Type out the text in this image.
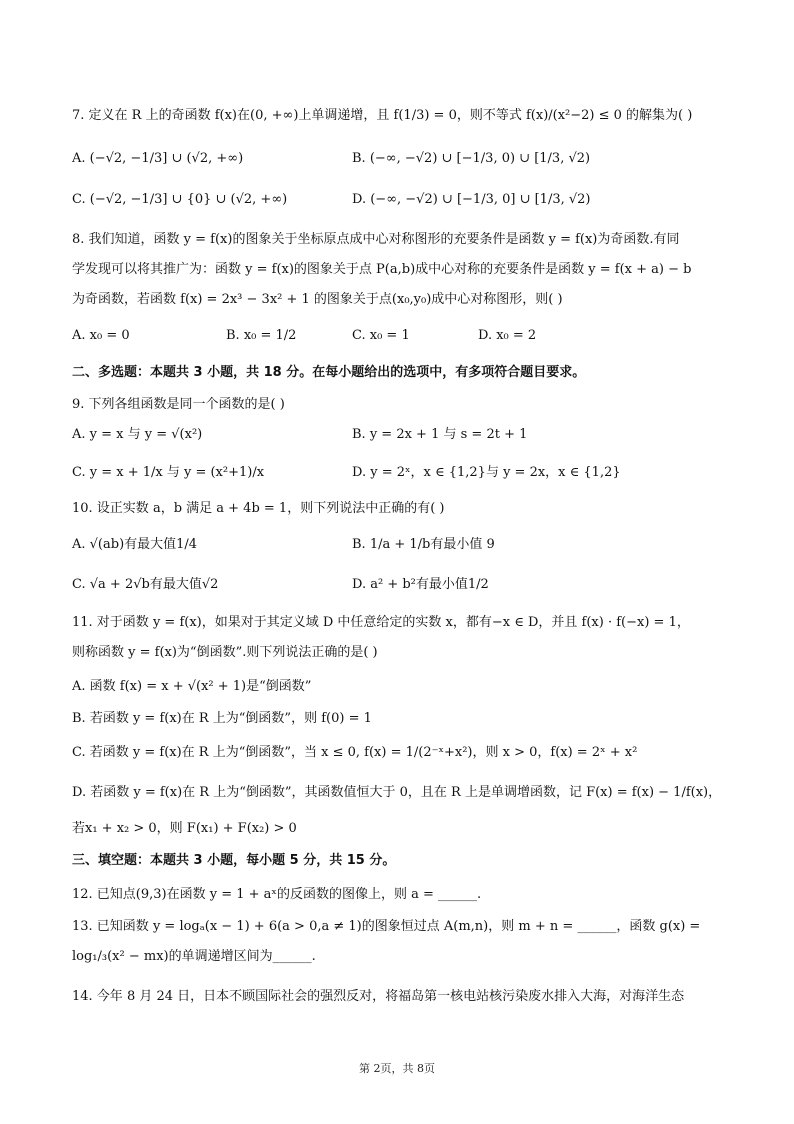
7. 定义在 R 上的奇函数 f(x)在(0, +∞)上单调递增，且 f(1/3) = 0，则不等式 f(x)/(x²−2) ≤ 0 的解集为( )
A. (−√2, −1/3] ∪ (√2, +∞)	B. (−∞, −√2) ∪ [−1/3, 0) ∪ [1/3, √2)
C. (−√2, −1/3] ∪ {0} ∪ (√2, +∞)	D. (−∞, −√2) ∪ [−1/3, 0] ∪ [1/3, √2)
8. 我们知道，函数 y = f(x)的图象关于坐标原点成中心对称图形的充要条件是函数 y = f(x)为奇函数.有同
学发现可以将其推广为：函数 y = f(x)的图象关于点 P(a,b)成中心对称的充要条件是函数 y = f(x + a) − b
为奇函数，若函数 f(x) = 2x³ − 3x² + 1 的图象关于点(x₀,y₀)成中心对称图形，则( )
A. x₀ = 0	B. x₀ = 1/2	C. x₀ = 1	D. x₀ = 2
二、多选题：本题共 3 小题，共 18 分。在每小题给出的选项中，有多项符合题目要求。
9. 下列各组函数是同一个函数的是( )
A. y = x 与 y = √(x²)	B. y = 2x + 1 与 s = 2t + 1
C. y = x + 1/x 与 y = (x²+1)/x	D. y = 2ˣ，x ∈ {1,2}与 y = 2x，x ∈ {1,2}
10. 设正实数 a，b 满足 a + 4b = 1，则下列说法中正确的有( )
A. √(ab)有最大值1/4	B. 1/a + 1/b有最小值 9
C. √a + 2√b有最大值√2	D. a² + b²有最小值1/2
11. 对于函数 y = f(x)，如果对于其定义域 D 中任意给定的实数 x，都有−x ∈ D，并且 f(x) · f(−x) = 1，
则称函数 y = f(x)为“倒函数”.则下列说法正确的是( )
A. 函数 f(x) = x + √(x² + 1)是“倒函数”
B. 若函数 y = f(x)在 R 上为“倒函数”，则 f(0) = 1
C. 若函数 y = f(x)在 R 上为“倒函数”，当 x ≤ 0, f(x) = 1/(2⁻ˣ+x²)，则 x > 0，f(x) = 2ˣ + x²
D. 若函数 y = f(x)在 R 上为“倒函数”，其函数值恒大于 0，且在 R 上是单调增函数，记 F(x) = f(x) − 1/f(x)，
若x₁ + x₂ > 0，则 F(x₁) + F(x₂) > 0
三、填空题：本题共 3 小题，每小题 5 分，共 15 分。
12. 已知点(9,3)在函数 y = 1 + aˣ的反函数的图像上，则 a = ______.
13. 已知函数 y = logₐ(x − 1) + 6(a > 0,a ≠ 1)的图象恒过点 A(m,n)，则 m + n = ______，函数 g(x) =
log₁/₃(x² − mx)的单调递增区间为______.
14. 今年 8 月 24 日，日本不顾国际社会的强烈反对，将福岛第一核电站核污染废水排入大海，对海洋生态
第 2页，共 8页
